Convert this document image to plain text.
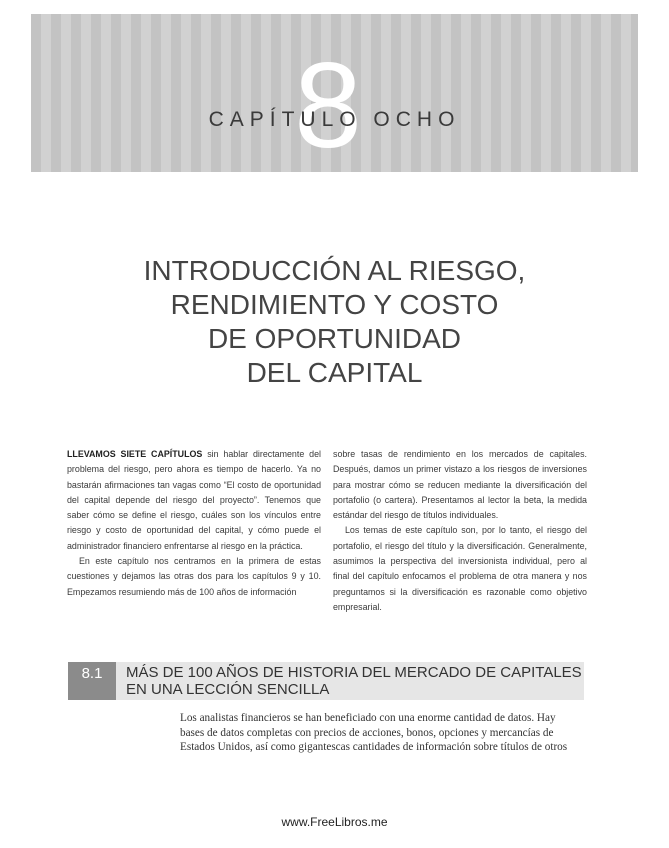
8
CAPÍTULO OCHO
INTRODUCCIÓN AL RIESGO,
RENDIMIENTO Y COSTO
DE OPORTUNIDAD
DEL CAPITAL

LLEVAMOS SIETE CAPÍTULOS sin hablar directamente del problema del riesgo, pero ahora es tiempo de hacerlo. Ya no bastarán afirmaciones tan vagas como “El costo de oportunidad del capital depende del riesgo del proyecto”. Tenemos que saber cómo se define el riesgo, cuáles son los vínculos entre riesgo y costo de oportunidad del capital, y cómo puede el administrador financiero enfrentarse al riesgo en la práctica.

En este capítulo nos centramos en la primera de estas cuestiones y dejamos las otras dos para los capítulos 9 y 10. Empezamos resumiendo más de 100 años de información

sobre tasas de rendimiento en los mercados de capitales. Después, damos un primer vistazo a los riesgos de inversiones para mostrar cómo se reducen mediante la diversificación del portafolio (o cartera). Presentamos al lector la beta, la medida estándar del riesgo de títulos individuales.

Los temas de este capítulo son, por lo tanto, el riesgo del portafolio, el riesgo del título y la diversificación. Generalmente, asumimos la perspectiva del inversionista individual, pero al final del capítulo enfocamos el problema de otra manera y nos preguntamos si la diversificación es razonable como objetivo empresarial.

8.1	MÁS DE 100 AÑOS DE HISTORIA DEL MERCADO DE CAPITALES
EN UNA LECCIÓN SENCILLA
Los analistas financieros se han beneficiado con una enorme cantidad de datos. Hay
bases de datos completas con precios de acciones, bonos, opciones y mercancías de
Estados Unidos, así como gigantescas cantidades de información sobre títulos de otros
www.FreeLibros.me
